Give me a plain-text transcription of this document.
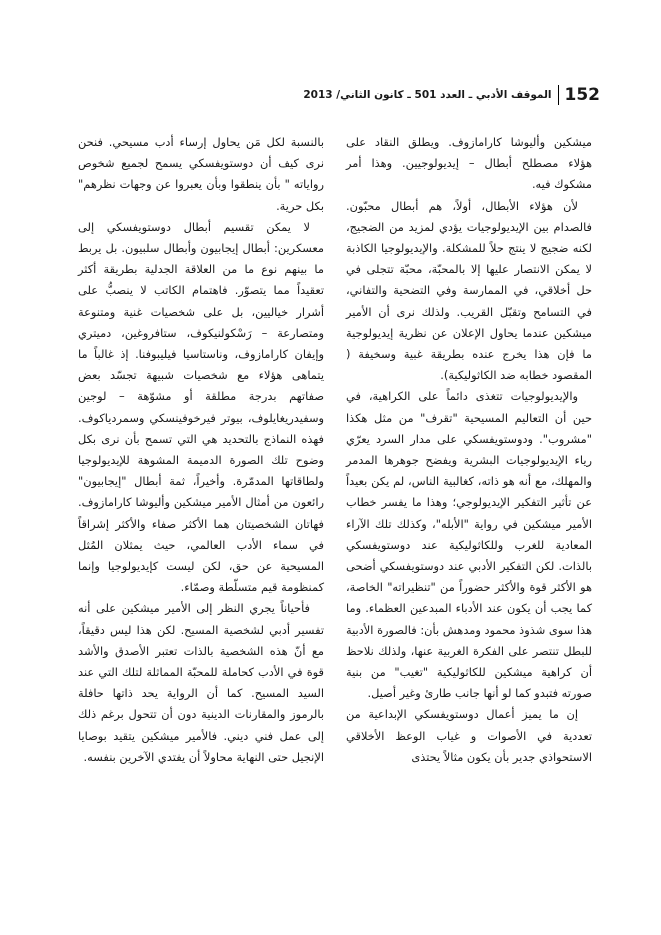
152
الموقف الأدبي ـ العدد 501 ـ كانون الثاني/ 2013

ميشكين وأليوشا كارامازوف. ويطلق النقاد على هؤلاء مصطلح أبطال – إيديولوجيين. وهذا أمر مشكوك فيه.

لأن هؤلاء الأبطال، أولاً، هم أبطال محبّون. فالصدام بين الإيديولوجيات يؤدي لمزيد من الضجيج، لكنه ضجيج لا ينتج حلاً للمشكلة. والإيديولوجيا الكاذبة لا يمكن الانتصار عليها إلا بالمحبّة، محبّة تتجلى في حل أخلاقي، في الممارسة وفي التضحية والتفاني، في التسامح وتقبّل القريب. ولذلك نرى أن الأمير ميشكين عندما يحاول الإعلان عن نظرية إيديولوجية ما فإن هذا يخرج عنده بطريقة غبية وسخيفة ( المقصود خطابه ضد الكاثوليكية).

والإيديولوجيات تتغذى دائماً على الكراهية، في حين أن التعاليم المسيحية "تقرف" من مثل هكذا "مشروب". ودوستويفسكي على مدار السرد يعرّي رياء الإيديولوجيات البشرية ويفضح جوهرها المدمر والمهلك، مع أنه هو ذاته، كغالبية الناس، لم يكن بعيداً عن تأثير التفكير الإيديولوجي؛ وهذا ما يفسر خطاب الأمير ميشكين في رواية "الأبله"، وكذلك تلك الآراء المعادية للغرب وللكاثوليكية عند دوستويفسكي بالذات. لكن التفكير الأدبي عند دوستويفسكي أضحى هو الأكثر قوة والأكثر حضوراً من "تنظيراته" الخاصة، كما يجب أن يكون عند الأدباء المبدعين العظماء. وما هذا سوى شذوذ محمود ومدهش بأن: فالصورة الأدبية للبطل تنتصر على الفكرة الغربية عنها، ولذلك نلاحظ أن كراهية ميشكين للكاثوليكية "تغيب" من بنية صورته فتبدو كما لو أنها جانب طارئ وغير أصيل.

إن ما يميز أعمال دوستويفسكي الإبداعية من تعددية في الأصوات و غياب الوعظ الأخلاقي الاستحواذي جدير بأن يكون مثالاً يحتذى

بالنسبة لكل مَن يحاول إرساء أدب مسيحي. فنحن نرى كيف أن دوستويفسكي يسمح لجميع شخوص رواياته " بأن ينطقوا وبأن يعبروا عن وجهات نظرهم" بكل حرية.

لا يمكن تقسيم أبطال دوستويفسكي إلى معسكرين: أبطال إيجابيون وأبطال سلبيون. بل يربط ما بينهم نوع ما من العلاقة الجدلية بطريقة أكثر تعقيداً مما يتصوّر. فاهتمام الكاتب لا ينصبُّ على أشرار خياليين، بل على شخصيات غنية ومتنوعة ومتصارعة – رَسْكولنيكوف، ستافروغين، دميتري وإيفان كارامازوف، وناستاسيا فيليبوفنا. إذ غالباً ما يتماهى هؤلاء مع شخصيات شبيهة تجسّد بعض صفاتهم بدرجة مطلقة أو مشوّهة – لوجين وسفيدريغايلوف، بيوتر فيرخوفينسكي وسمردياكوف. فهذه النماذج بالتحديد هي التي تسمح بأن نرى بكل وضوح تلك الصورة الدميمة المشوهة للإيديولوجيا ولطاقاتها المدمّرة. وأخيراً، ثمة أبطال "إيجابيون" رائعون من أمثال الأمير ميشكين وأليوشا كارامازوف. فهاتان الشخصيتان هما الأكثر صفاء والأكثر إشراقاً في سماء الأدب العالمي، حيث يمثلان المُثل المسيحية عن حق، لكن ليست كإيديولوجيا وإنما كمنظومة قيم متسلّطة وصمّاء.

فأحياناً يجري النظر إلى الأمير ميشكين على أنه تفسير أدبي لشخصية المسيح. لكن هذا ليس دقيقاً، مع أنّ هذه الشخصية بالذات تعتبر الأصدق والأشد قوة في الأدب كحاملة للمحبّة المماثلة لتلك التي عند السيد المسيح. كما أن الرواية يحد ذاتها حافلة بالرموز والمقارنات الدينية دون أن تتحول برغم ذلك إلى عمل فني ديني. فالأمير ميشكين يتقيد بوصايا الإنجيل حتى النهاية محاولاً أن يفتدي الآخرين بنفسه.
